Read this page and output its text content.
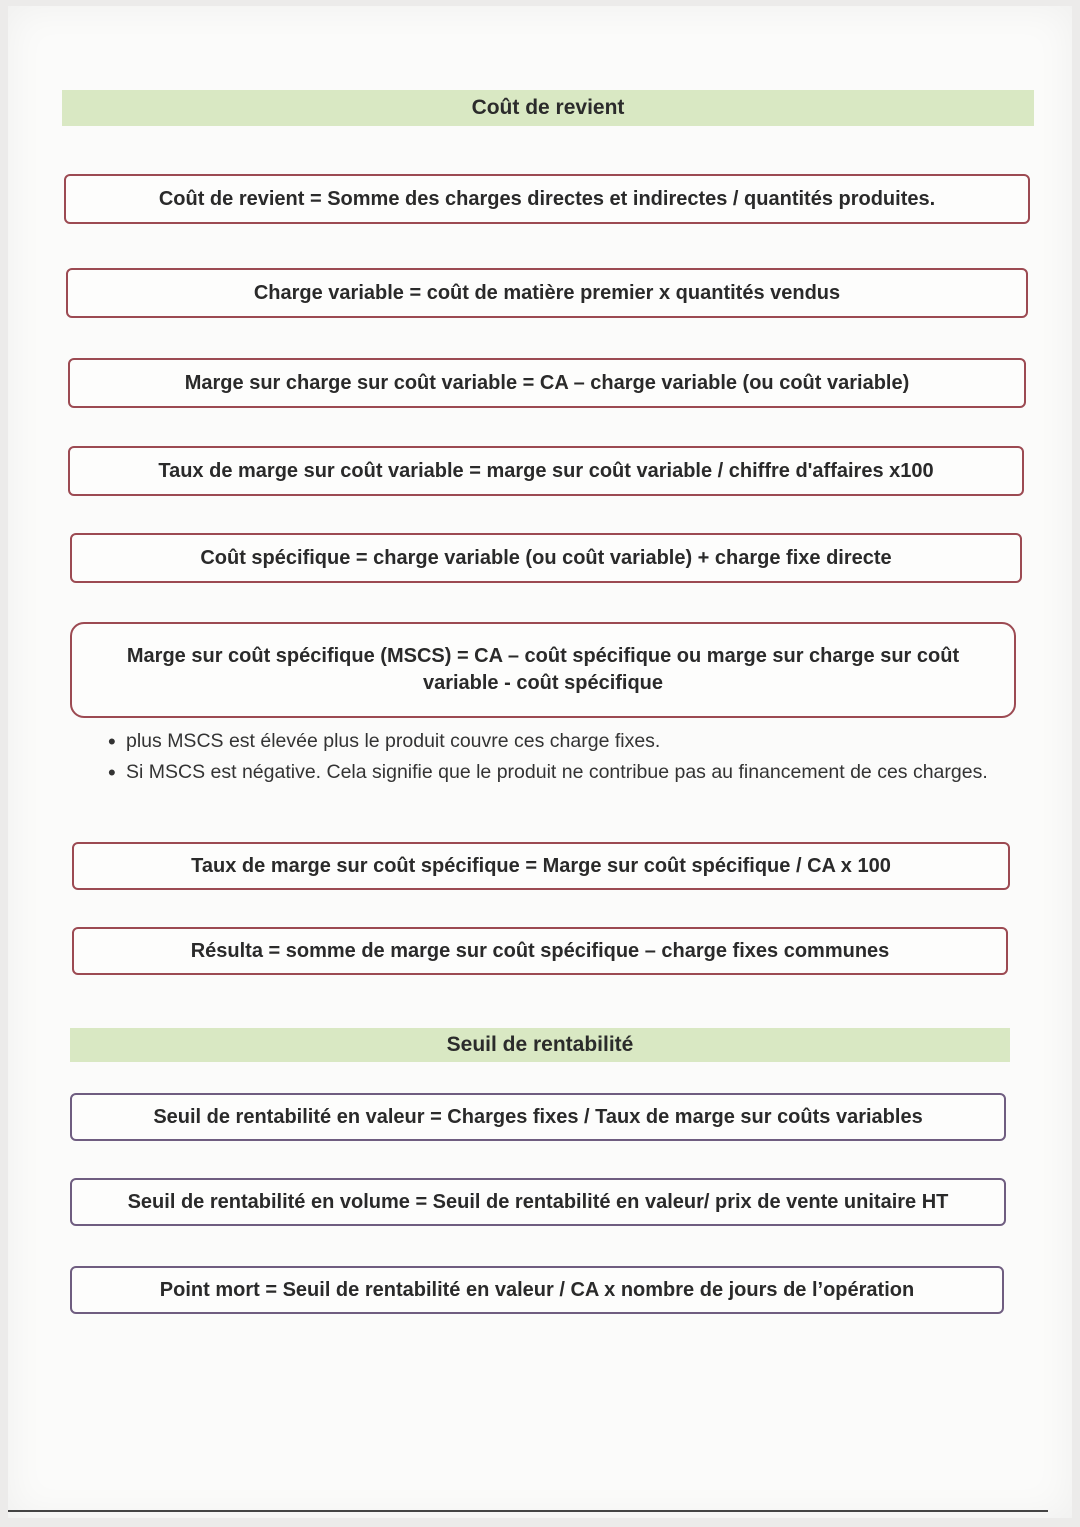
Coût de revient
Coût de revient = Somme des charges directes et indirectes / quantités produites.
Charge variable = coût de matière premier x quantités vendus
Marge sur charge sur coût variable = CA – charge variable (ou coût variable)
Taux de marge sur coût variable = marge sur coût variable / chiffre d'affaires x100
Coût spécifique = charge variable (ou coût variable) + charge fixe directe
Marge sur coût spécifique (MSCS) = CA – coût spécifique ou marge sur charge sur coût
variable - coût spécifique
• plus MSCS est élevée plus le produit couvre ces charge fixes.
• Si MSCS est négative. Cela signifie que le produit ne contribue pas au financement de ces charges.
Taux de marge sur coût spécifique = Marge sur coût spécifique / CA x 100
Résulta = somme de marge sur coût spécifique – charge fixes communes
Seuil de rentabilité
Seuil de rentabilité en valeur = Charges fixes / Taux de marge sur coûts variables
Seuil de rentabilité en volume = Seuil de rentabilité en valeur/ prix de vente unitaire HT
Point mort = Seuil de rentabilité en valeur / CA x nombre de jours de l’opération
